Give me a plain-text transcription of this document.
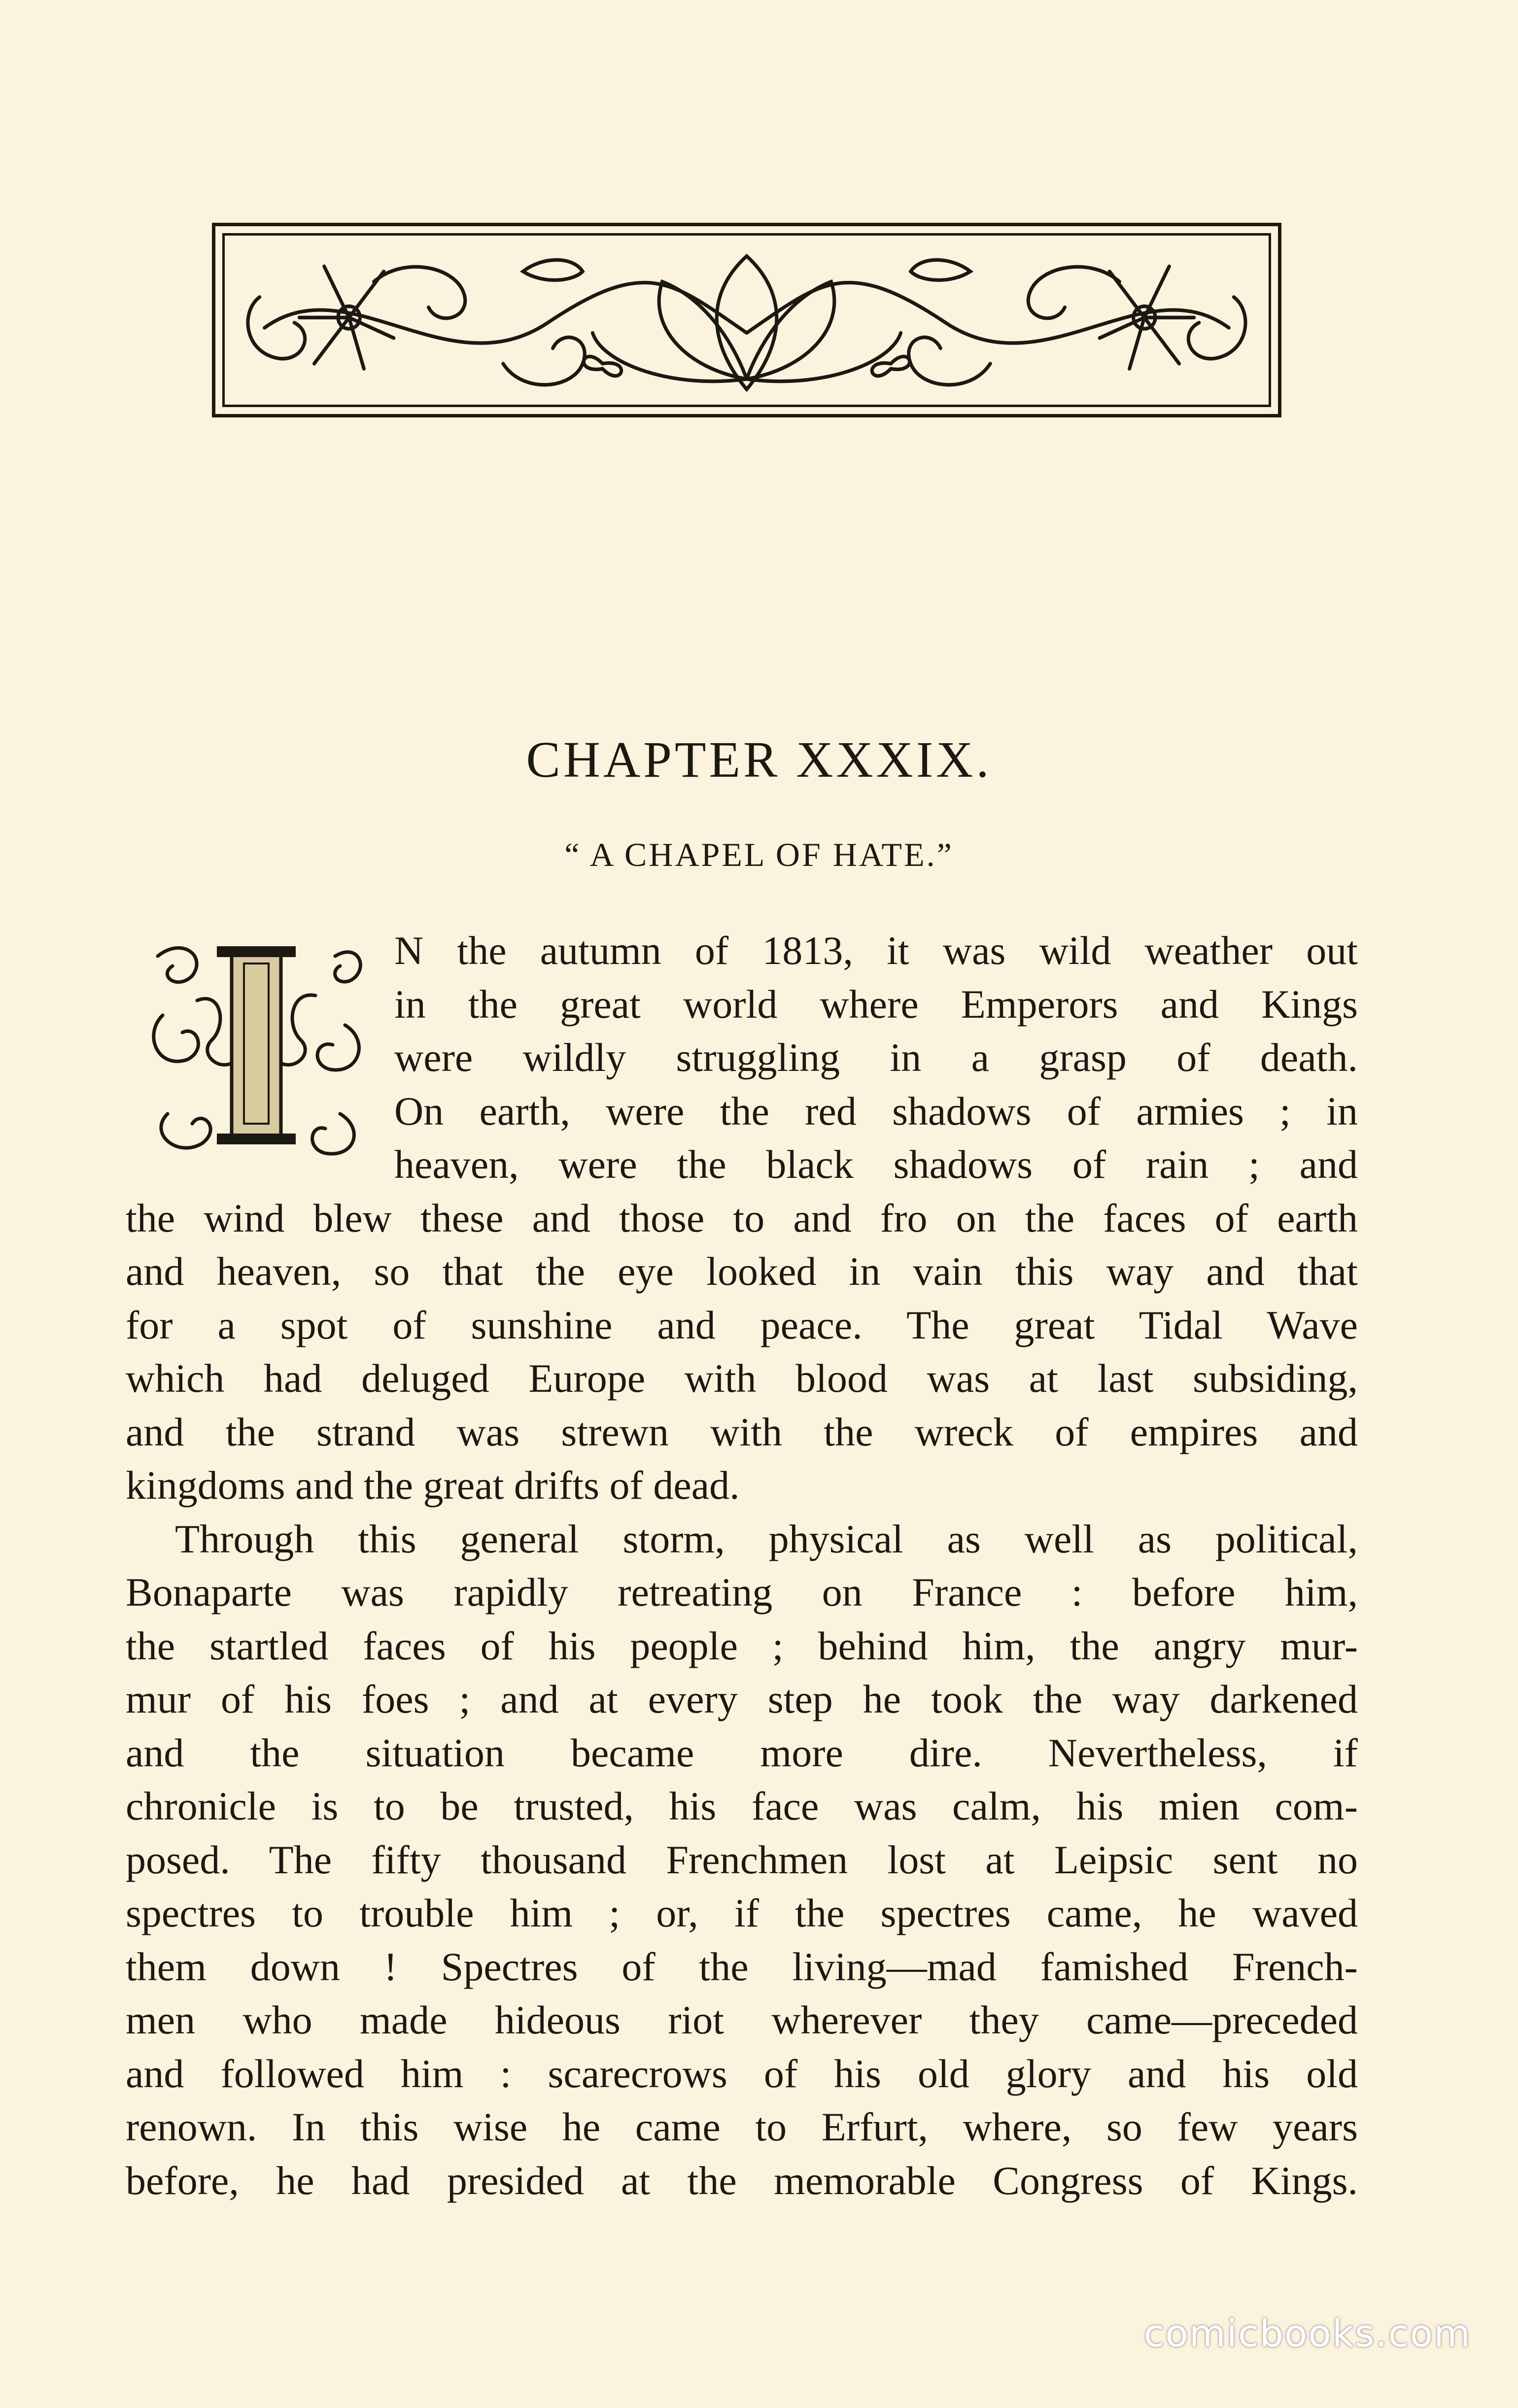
CHAPTER XXXIX.
“ A CHAPEL OF HATE.”

N the autumn of 1813, it was wild weather out
in the great world where Emperors and Kings
were wildly struggling in a grasp of death.
On earth, were the red shadows of armies ; in
heaven, were the black shadows of rain ; and
the wind blew these and those to and fro on the faces of earth
and heaven, so that the eye looked in vain this way and that
for a spot of sunshine and peace. The great Tidal Wave
which had deluged Europe with blood was at last subsiding,
and the strand was strewn with the wreck of empires and
kingdoms and the great drifts of dead.

Through this general storm, physical as well as political,
Bonaparte was rapidly retreating on France : before him,
the startled faces of his people ; behind him, the angry mur-
mur of his foes ; and at every step he took the way darkened
and the situation became more dire. Nevertheless, if
chronicle is to be trusted, his face was calm, his mien com-
posed. The fifty thousand Frenchmen lost at Leipsic sent no
spectres to trouble him ; or, if the spectres came, he waved
them down ! Spectres of the living—mad famished French-
men who made hideous riot wherever they came—preceded
and followed him : scarecrows of his old glory and his old
renown. In this wise he came to Erfurt, where, so few years
before, he had presided at the memorable Congress of Kings.

comicbooks.com
